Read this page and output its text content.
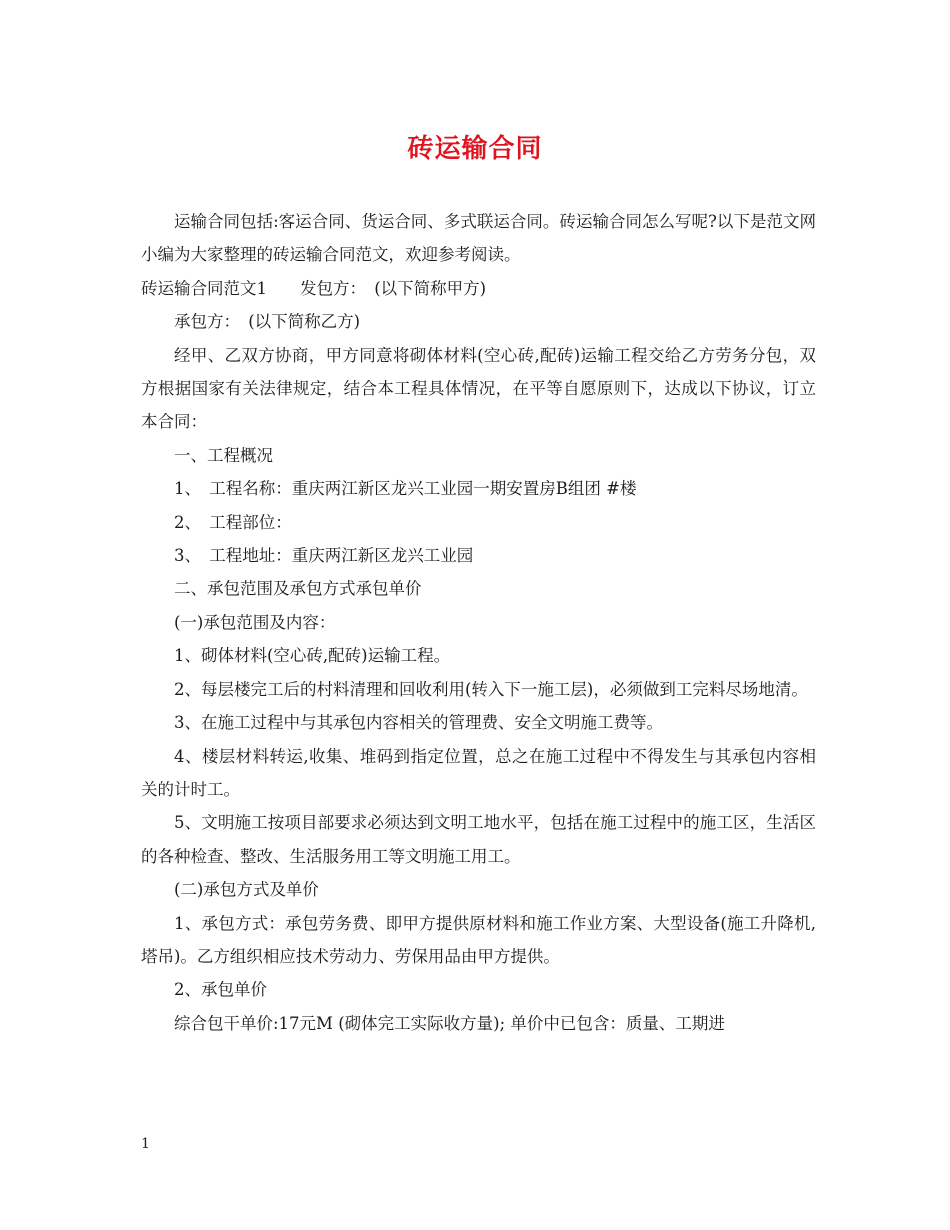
砖运输合同

运输合同包括:客运合同、货运合同、多式联运合同。砖运输合同怎么写呢?以下是范文网小编为大家整理的砖运输合同范文，欢迎参考阅读。

砖运输合同范文1　　发包方：　(以下简称甲方)

承包方：　(以下简称乙方)

经甲、乙双方协商，甲方同意将砌体材料(空心砖,配砖)运输工程交给乙方劳务分包，双方根据国家有关法律规定，结合本工程具体情况，在平等自愿原则下，达成以下协议，订立本合同：

一、工程概况

1、　工程名称：重庆两江新区龙兴工业园一期安置房B组团 #楼

2、　工程部位：

3、　工程地址：重庆两江新区龙兴工业园

二、承包范围及承包方式承包单价

(一)承包范围及内容：

1、砌体材料(空心砖,配砖)运输工程。

2、每层楼完工后的村料清理和回收利用(转入下一施工层)，必须做到工完料尽场地清。

3、在施工过程中与其承包内容相关的管理费、安全文明施工费等。

4、楼层材料转运,收集、堆码到指定位置，总之在施工过程中不得发生与其承包内容相关的计时工。

5、文明施工按项目部要求必须达到文明工地水平，包括在施工过程中的施工区，生活区的各种检查、整改、生活服务用工等文明施工用工。

(二)承包方式及单价

1、承包方式：承包劳务费、即甲方提供原材料和施工作业方案、大型设备(施工升降机,塔吊)。乙方组织相应技术劳动力、劳保用品由甲方提供。

2、承包单价

综合包干单价:17元M (砌体完工实际收方量); 单价中已包含：质量、工期进

1
